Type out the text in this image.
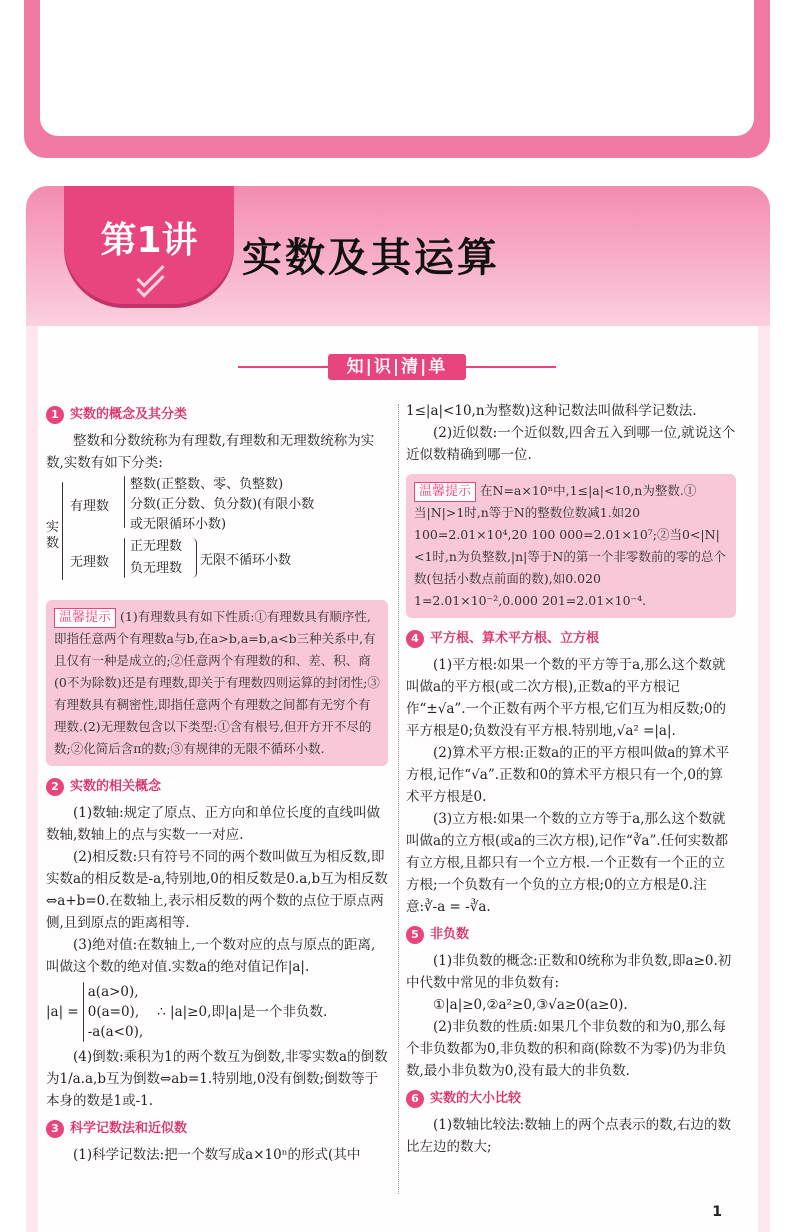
第1讲	实数及其运算
知|识|清|单
1 实数的概念及其分类

整数和分数统称为有理数,有理数和无理数统称为实数,实数有如下分类:

实数
有理数
整数(正整数、零、负整数)
分数(正分数、负分数)(有限小数
或无限循环小数)
无理数
正无理数
负无理数
无限不循环小数
温馨提示 (1)有理数具有如下性质:①有理数具有顺序性,即指任意两个有理数a与b,在a>b,a=b,a<b三种关系中,有且仅有一种是成立的;②任意两个有理数的和、差、积、商(0不为除数)还是有理数,即关于有理数四则运算的封闭性;③有理数具有稠密性,即指任意两个有理数之间都有无穷个有理数.(2)无理数包含以下类型:①含有根号,但开方开不尽的数;②化简后含π的数;③有规律的无限不循环小数.
2 实数的相关概念

(1)数轴:规定了原点、正方向和单位长度的直线叫做数轴,数轴上的点与实数一一对应.

(2)相反数:只有符号不同的两个数叫做互为相反数,即实数a的相反数是-a,特别地,0的相反数是0.a,b互为相反数⇔a+b=0.在数轴上,表示相反数的两个数的点位于原点两侧,且到原点的距离相等.

(3)绝对值:在数轴上,一个数对应的点与原点的距离,叫做这个数的绝对值.实数a的绝对值记作|a|.

|a| =
a(a>0),
0(a=0),
-a(a<0),
∴ |a|≥0,即|a|是一个非负数.

(4)倒数:乘积为1的两个数互为倒数,非零实数a的倒数为1/a.a,b互为倒数⇔ab=1.特别地,0没有倒数;倒数等于本身的数是1或-1.

3 科学记数法和近似数

(1)科学记数法:把一个数写成a×10ⁿ的形式(其中

1≤|a|<10,n为整数)这种记数法叫做科学记数法.

(2)近似数:一个近似数,四舍五入到哪一位,就说这个近似数精确到哪一位.

温馨提示 在N=a×10ⁿ中,1≤|a|<10,n为整数.①当|N|>1时,n等于N的整数位数减1.如20 100=2.01×10⁴,20 100 000=2.01×10⁷;②当0<|N|<1时,n为负整数,|n|等于N的第一个非零数前的零的总个数(包括小数点前面的数),如0.020 1=2.01×10⁻²,0.000 201=2.01×10⁻⁴.
4 平方根、算术平方根、立方根

(1)平方根:如果一个数的平方等于a,那么这个数就叫做a的平方根(或二次方根),正数a的平方根记作“±√a”.一个正数有两个平方根,它们互为相反数;0的平方根是0;负数没有平方根.特别地,√a² =|a|.

(2)算术平方根:正数a的正的平方根叫做a的算术平方根,记作“√a”.正数和0的算术平方根只有一个,0的算术平方根是0.

(3)立方根:如果一个数的立方等于a,那么这个数就叫做a的立方根(或a的三次方根),记作“∛a”.任何实数都有立方根,且都只有一个立方根.一个正数有一个正的立方根;一个负数有一个负的立方根;0的立方根是0.注意:∛-a = -∛a.

5 非负数

(1)非负数的概念:正数和0统称为非负数,即a≥0.初中代数中常见的非负数有:

①|a|≥0,②a²≥0,③√a≥0(a≥0).

(2)非负数的性质:如果几个非负数的和为0,那么每个非负数都为0,非负数的积和商(除数不为零)仍为非负数,最小非负数为0,没有最大的非负数.

6 实数的大小比较

(1)数轴比较法:数轴上的两个点表示的数,右边的数比左边的数大;

1
